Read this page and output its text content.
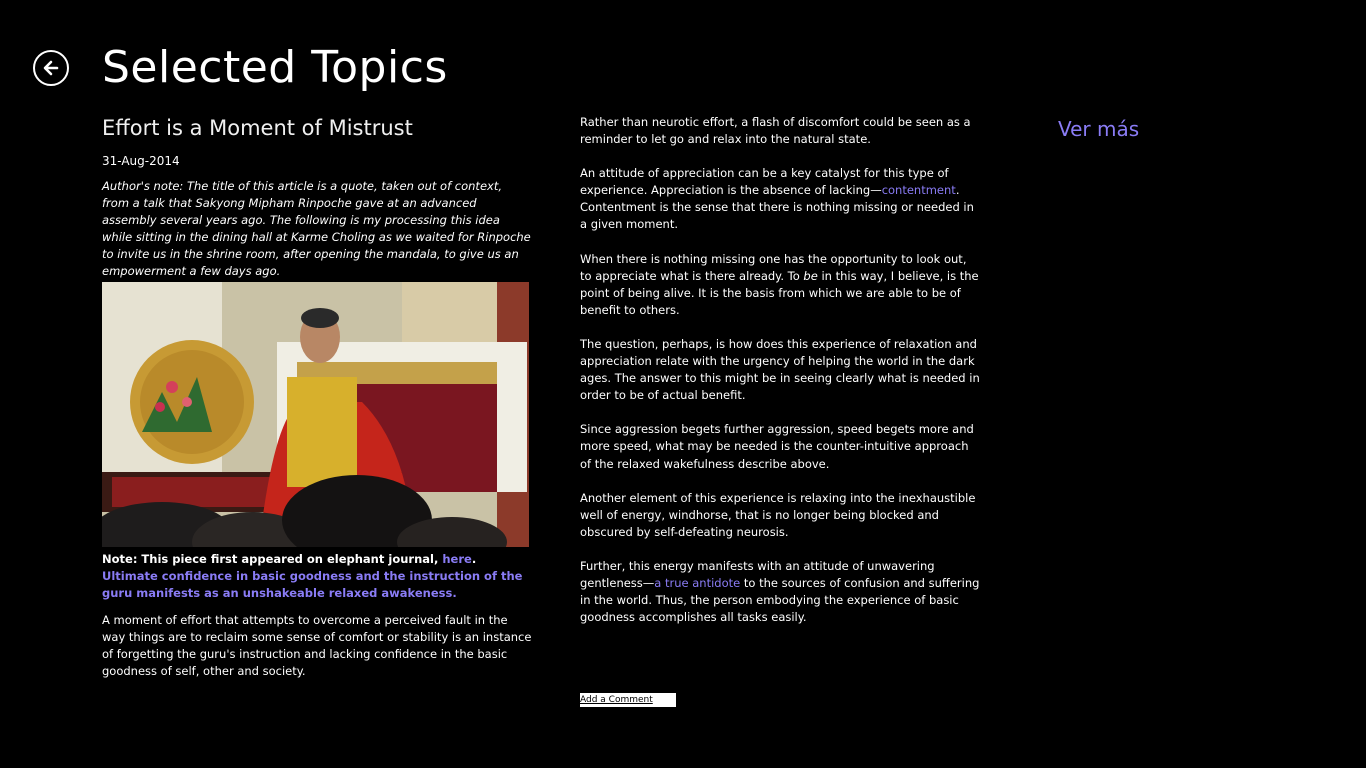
Selected Topics
Effort is a Moment of Mistrust
31-Aug-2014

Author's note: The title of this article is a quote, taken out of context, from a talk that Sakyong Mipham Rinpoche gave at an advanced assembly several years ago. The following is my processing this idea while sitting in the dining hall at Karme Choling as we waited for Rinpoche to invite us in the shrine room, after opening the mandala, to give us an empowerment a few days ago.

Note: This piece first appeared on elephant journal, here.

Ultimate confidence in basic goodness and the instruction of the guru manifests as an unshakeable relaxed awakeness.

A moment of effort that attempts to overcome a perceived fault in the way things are to reclaim some sense of comfort or stability is an instance of forgetting the guru's instruction and lacking confidence in the basic goodness of self, other and society.

Rather than neurotic effort, a flash of discomfort could be seen as a reminder to let go and relax into the natural state.

An attitude of appreciation can be a key catalyst for this type of experience. Appreciation is the absence of lacking—contentment. Contentment is the sense that there is nothing missing or needed in a given moment.

When there is nothing missing one has the opportunity to look out, to appreciate what is there already. To be in this way, I believe, is the point of being alive. It is the basis from which we are able to be of benefit to others.

The question, perhaps, is how does this experience of relaxation and appreciation relate with the urgency of helping the world in the dark ages. The answer to this might be in seeing clearly what is needed in order to be of actual benefit.

Since aggression begets further aggression, speed begets more and more speed, what may be needed is the counter-intuitive approach of the relaxed wakefulness describe above.

Another element of this experience is relaxing into the inexhaustible well of energy, windhorse, that is no longer being blocked and obscured by self-defeating neurosis.

Further, this energy manifests with an attitude of unwavering gentleness—a true antidote to the sources of confusion and suffering in the world. Thus, the person embodying the experience of basic goodness accomplishes all tasks easily.

Add a Comment
Ver más
